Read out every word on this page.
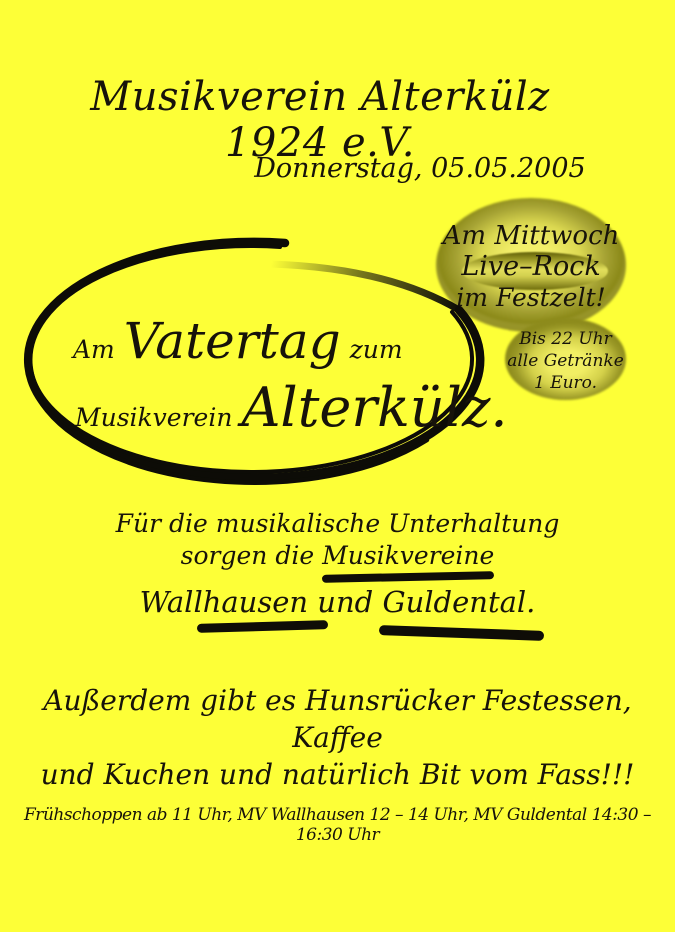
Musikverein Alterkülz 1924 e.V.
Donnerstag, 05.05.2005
Am Mittwoch
Live–Rock
im Festzelt!
Bis 22 Uhr
alle Getränke
1 Euro.
Am Vatertag zum
Musikverein Alterkülz.
Für die musikalische Unterhaltung
sorgen die Musikvereine
Wallhausen und Guldental.
Außerdem gibt es Hunsrücker Festessen, Kaffee
und Kuchen und natürlich Bit vom Fass!!!
Frühschoppen ab 11 Uhr, MV Wallhausen 12 – 14 Uhr, MV Guldental 14:30 – 16:30 Uhr
